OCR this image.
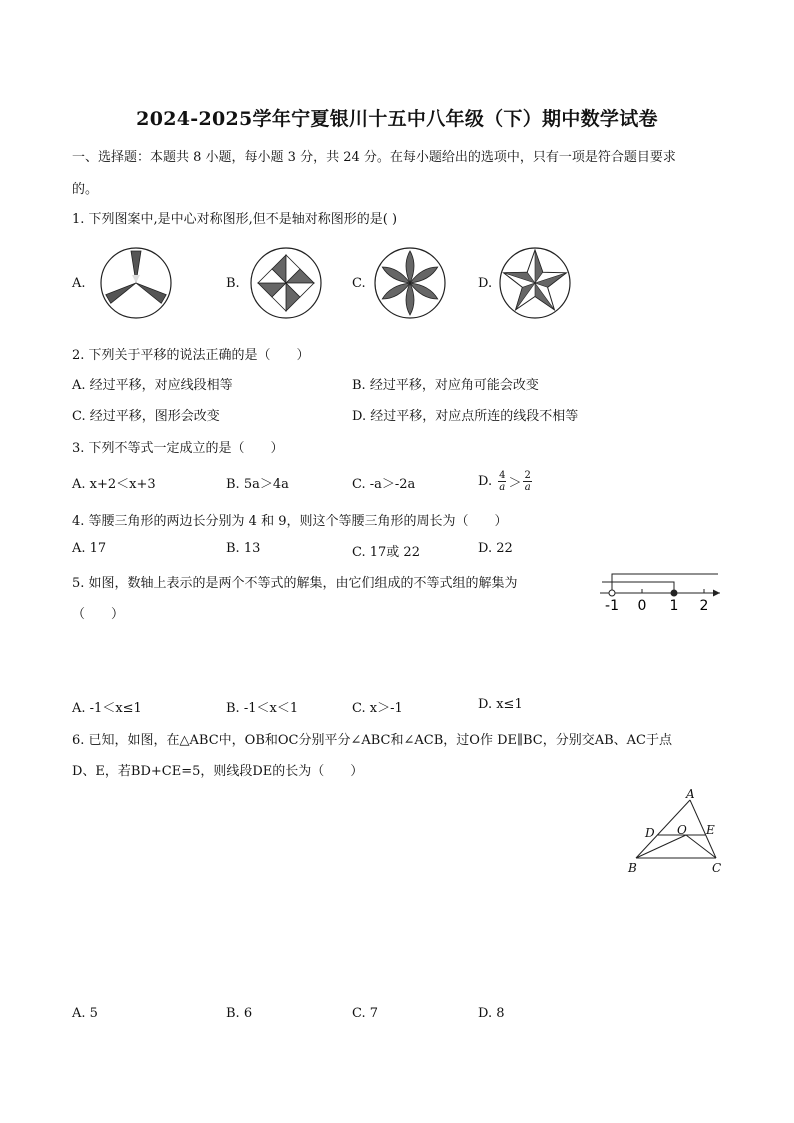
2024-2025学年宁夏银川十五中八年级（下）期中数学试卷
一、选择题：本题共 8 小题，每小题 3 分，共 24 分。在每小题给出的选项中，只有一项是符合题目要求
的。
1. 下列图案中,是中心对称图形,但不是轴对称图形的是( )
A.	B.	C.	D.
2. 下列关于平移的说法正确的是（　　）
A. 经过平移，对应线段相等	B. 经过平移，对应角可能会改变
C. 经过平移，图形会改变	D. 经过平移，对应点所连的线段不相等
3. 下列不等式一定成立的是（　　）
A. x+2＜x+3	B. 5a＞4a	C. -a＞-2a	D. $\frac{4}{a} > \frac{2}{a}$
4. 等腰三角形的两边长分别为 4 和 9，则这个等腰三角形的周长为（　　）
A. 17	B. 13	C. 17或 22	D. 22
5. 如图，数轴上表示的是两个不等式的解集，由它们组成的不等式组的解集为
（　　）
-1 0 1 2
A. -1＜x≤1	B. -1＜x＜1	C. x＞-1	D. x≤1
6. 已知，如图，在△ABC中，OB和OC分别平分∠ABC和∠ACB，过O作 DE∥BC，分别交AB、AC于点
D、E，若BD+CE=5，则线段DE的长为（　　）
A
D O E
B	C
A. 5	B. 6	C. 7	D. 8
